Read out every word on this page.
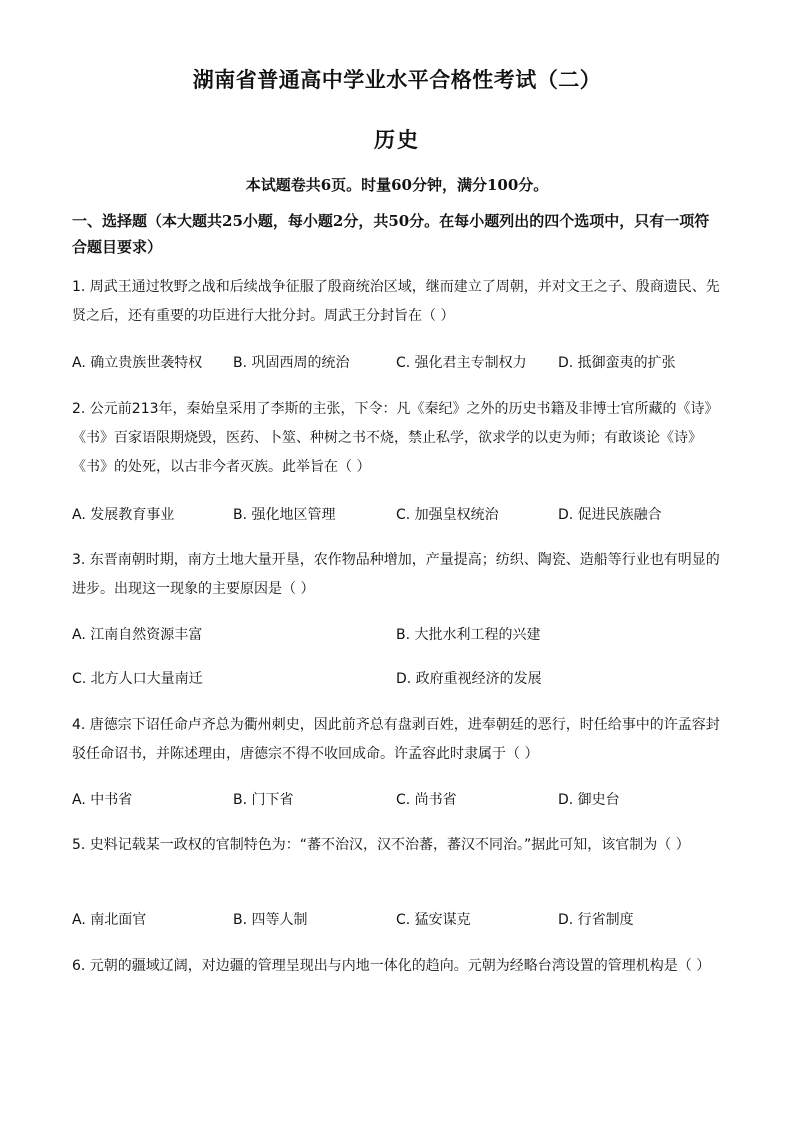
湖南省普通高中学业水平合格性考试（二）
历史
本试题卷共6页。时量60分钟，满分100分。
一、选择题（本大题共25小题，每小题2分，共50分。在每小题列出的四个选项中，只有一项符合题目要求）
1. 周武王通过牧野之战和后续战争征服了殷商统治区域，继而建立了周朝，并对文王之子、殷商遗民、先贤之后，还有重要的功臣进行大批分封。周武王分封旨在（ ）
A. 确立贵族世袭特权 B. 巩固西周的统治	C. 强化君主专制权力 D. 抵御蛮夷的扩张
2. 公元前213年，秦始皇采用了李斯的主张，下令：凡《秦纪》之外的历史书籍及非博士官所藏的《诗》《书》百家语限期烧毁，医药、卜筮、种树之书不烧，禁止私学，欲求学的以吏为师；有敢谈论《诗》《书》的处死，以古非今者灭族。此举旨在（ ）
A. 发展教育事业	B. 强化地区管理	C. 加强皇权统治	D. 促进民族融合
3. 东晋南朝时期，南方土地大量开垦，农作物品种增加，产量提高；纺织、陶瓷、造船等行业也有明显的进步。出现这一现象的主要原因是（ ）
A. 江南自然资源丰富	B. 大批水利工程的兴建
C. 北方人口大量南迁	D. 政府重视经济的发展
4. 唐德宗下诏任命卢齐总为衢州刺史，因此前齐总有盘剥百姓，进奉朝廷的恶行，时任给事中的许孟容封驳任命诏书，并陈述理由，唐德宗不得不收回成命。许孟容此时隶属于（ ）
A. 中书省	B. 门下省	C. 尚书省	D. 御史台
5. 史料记载某一政权的官制特色为：“蕃不治汉，汉不治蕃，蕃汉不同治。”据此可知，该官制为（ ）
A. 南北面官	B. 四等人制	C. 猛安谋克	D. 行省制度
6. 元朝的疆域辽阔，对边疆的管理呈现出与内地一体化的趋向。元朝为经略台湾设置的管理机构是（ ）
